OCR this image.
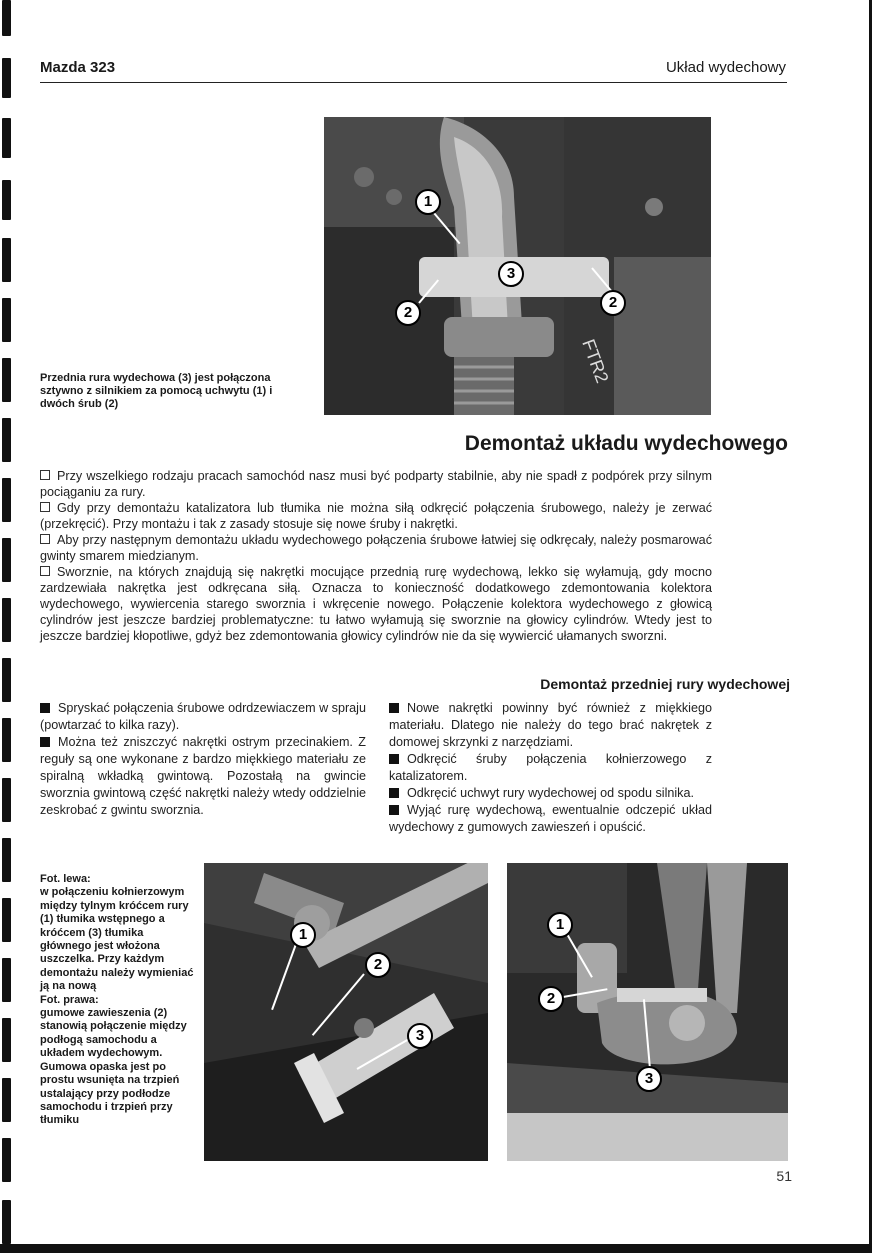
Mazda 323	Układ wydechowy
FTR2
1
2
3
2
Przednia rura wydechowa (3) jest połączona sztywno z silnikiem za pomocą uchwytu (1) i dwóch śrub (2)
Demontaż układu wydechowego

Przy wszelkiego rodzaju pracach samochód nasz musi być podparty stabilnie, aby nie spadł z podpórek przy silnym pociąganiu za rury.

Gdy przy demontażu katalizatora lub tłumika nie można siłą odkręcić połączenia śrubowego, należy je zerwać (przekręcić). Przy montażu i tak z zasady stosuje się nowe śruby i nakrętki.

Aby przy następnym demontażu układu wydechowego połączenia śrubowe łatwiej się odkręcały, należy posmarować gwinty smarem miedzianym.

Sworznie, na których znajdują się nakrętki mocujące przednią rurę wydechową, lekko się wyłamują, gdy mocno zardzewiała nakrętka jest odkręcana siłą. Oznacza to konieczność dodatkowego zdemontowania kolektora wydechowego, wywiercenia starego sworznia i wkręcenie nowego. Połączenie kolektora wydechowego z głowicą cylindrów jest jeszcze bardziej problematyczne: tu łatwo wyłamują się sworznie na głowicy cylindrów. Wtedy jest to jeszcze bardziej kłopotliwe, gdyż bez zdemontowania głowicy cylindrów nie da się wywiercić ułamanych sworzni.

Demontaż przedniej rury wydechowej

Spryskać połączenia śrubowe odrdzewiaczem w spraju (powtarzać to kilka razy).

Można też zniszczyć nakrętki ostrym przecinakiem. Z reguły są one wykonane z bardzo miękkiego materiału ze spiralną wkładką gwintową. Pozostałą na gwincie sworznia gwintową część nakrętki należy wtedy oddzielnie zeskrobać z gwintu sworznia.

Nowe nakrętki powinny być również z miękkiego materiału. Dlatego nie należy do tego brać nakrętek z domowej skrzynki z narzędziami.

Odkręcić śruby połączenia kołnierzowego z katalizatorem.

Odkręcić uchwyt rury wydechowej od spodu silnika.

Wyjąć rurę wydechową, ewentualnie odczepić układ wydechowy z gumowych zawieszeń i opuścić.

Fot. lewa:
w połączeniu kołnierzowym między tylnym króćcem rury (1) tłumika wstępnego a króćcem (3) tłumika głównego jest włożona uszczelka. Przy każdym demontażu należy wymieniać ją na nową
Fot. prawa:
gumowe zawieszenia (2) stanowią połączenie między podłogą samochodu a układem wydechowym. Gumowa opaska jest po prostu wsunięta na trzpień ustalający przy podłodze samochodu i trzpień przy tłumiku
1
2
3
1
2
3
51
